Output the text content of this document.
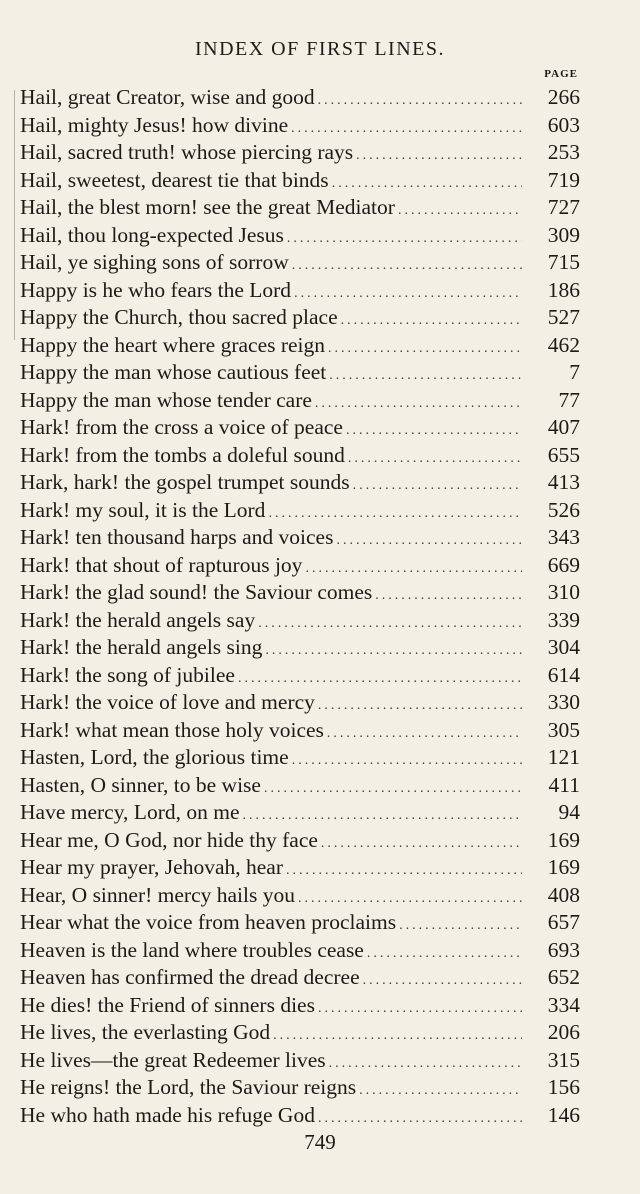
INDEX OF FIRST LINES.
PAGE
Hail, great Creator, wise and good .....	266
Hail, mighty Jesus! how divine .....	603
Hail, sacred truth! whose piercing rays .....	253
Hail, sweetest, dearest tie that binds .....	719
Hail, the blest morn! see the great Mediator .....	727
Hail, thou long-expected Jesus .....	309
Hail, ye sighing sons of sorrow .....	715
Happy is he who fears the Lord .....	186
Happy the Church, thou sacred place .....	527
Happy the heart where graces reign .....	462
Happy the man whose cautious feet .....	7
Happy the man whose tender care .....	77
Hark! from the cross a voice of peace .....	407
Hark! from the tombs a doleful sound .....	655
Hark, hark! the gospel trumpet sounds .....	413
Hark! my soul, it is the Lord .....	526
Hark! ten thousand harps and voices .....	343
Hark! that shout of rapturous joy .....	669
Hark! the glad sound! the Saviour comes .....	310
Hark! the herald angels say .....	339
Hark! the herald angels sing .....	304
Hark! the song of jubilee .....	614
Hark! the voice of love and mercy .....	330
Hark! what mean those holy voices .....	305
Hasten, Lord, the glorious time .....	121
Hasten, O sinner, to be wise .....	411
Have mercy, Lord, on me .....	94
Hear me, O God, nor hide thy face .....	169
Hear my prayer, Jehovah, hear .....	169
Hear, O sinner! mercy hails you .....	408
Hear what the voice from heaven proclaims .....	657
Heaven is the land where troubles cease .....	693
Heaven has confirmed the dread decree .....	652
He dies! the Friend of sinners dies .....	334
He lives, the everlasting God .....	206
He lives—the great Redeemer lives .....	315
He reigns! the Lord, the Saviour reigns .....	156
He who hath made his refuge God .....	146
749
